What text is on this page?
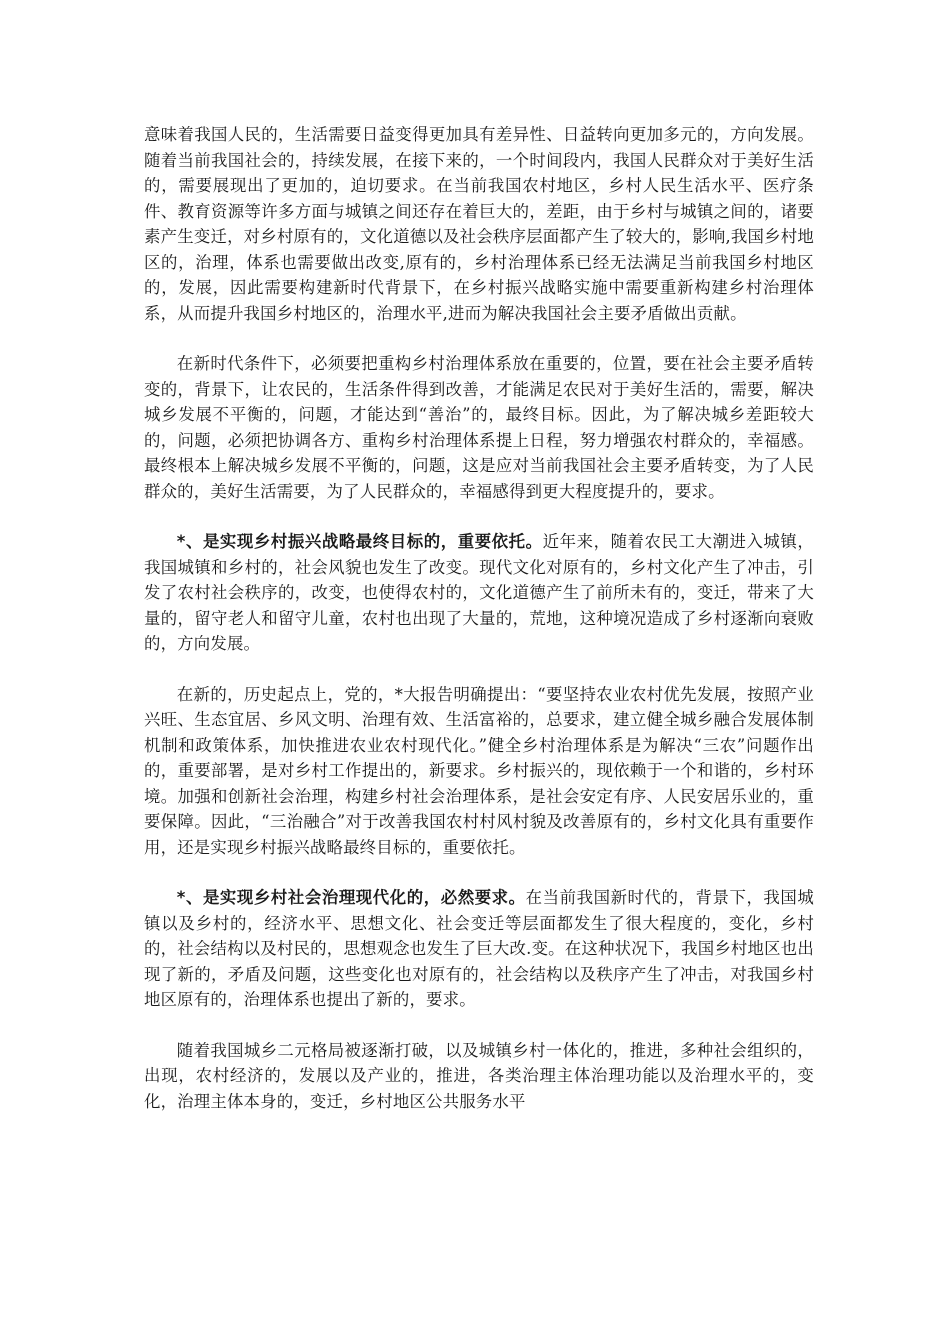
意味着我国人民的，生活需要日益变得更加具有差异性、日益转向更加多元的，方向发展。随着当前我国社会的，持续发展，在接下来的，一个时间段内，我国人民群众对于美好生活的，需要展现出了更加的，迫切要求。在当前我国农村地区，乡村人民生活水平、医疗条件、教育资源等许多方面与城镇之间还存在着巨大的，差距，由于乡村与城镇之间的，诸要素产生变迁，对乡村原有的，文化道德以及社会秩序层面都产生了较大的，影响,我国乡村地区的，治理，体系也需要做出改变,原有的，乡村治理体系已经无法满足当前我国乡村地区的，发展，因此需要构建新时代背景下，在乡村振兴战略实施中需要重新构建乡村治理体系，从而提升我国乡村地区的，治理水平,进而为解决我国社会主要矛盾做出贡献。

在新时代条件下，必须要把重构乡村治理体系放在重要的，位置，要在社会主要矛盾转变的，背景下，让农民的，生活条件得到改善，才能满足农民对于美好生活的，需要，解决城乡发展不平衡的，问题，才能达到“善治”的，最终目标。因此，为了解决城乡差距较大的，问题，必须把协调各方、重构乡村治理体系提上日程，努力增强农村群众的，幸福感。最终根本上解决城乡发展不平衡的，问题，这是应对当前我国社会主要矛盾转变，为了人民群众的，美好生活需要，为了人民群众的，幸福感得到更大程度提升的，要求。

*、是实现乡村振兴战略最终目标的，重要依托。近年来，随着农民工大潮进入城镇，我国城镇和乡村的，社会风貌也发生了改变。现代文化对原有的，乡村文化产生了冲击，引发了农村社会秩序的，改变，也使得农村的，文化道德产生了前所未有的，变迁，带来了大量的，留守老人和留守儿童，农村也出现了大量的，荒地，这种境况造成了乡村逐渐向衰败的，方向发展。

在新的，历史起点上，党的，*大报告明确提出：“要坚持农业农村优先发展，按照产业兴旺、生态宜居、乡风文明、治理有效、生活富裕的，总要求，建立健全城乡融合发展体制机制和政策体系，加快推进农业农村现代化。”健全乡村治理体系是为解决“三农”问题作出的，重要部署，是对乡村工作提出的，新要求。乡村振兴的，现依赖于一个和谐的，乡村环境。加强和创新社会治理，构建乡村社会治理体系，是社会安定有序、人民安居乐业的，重要保障。因此，“三治融合”对于改善我国农村村风村貌及改善原有的，乡村文化具有重要作用，还是实现乡村振兴战略最终目标的，重要依托。

*、是实现乡村社会治理现代化的，必然要求。在当前我国新时代的，背景下，我国城镇以及乡村的，经济水平、思想文化、社会变迁等层面都发生了很大程度的，变化，乡村的，社会结构以及村民的，思想观念也发生了巨大改.变。在这种状况下，我国乡村地区也出现了新的，矛盾及问题，这些变化也对原有的，社会结构以及秩序产生了冲击，对我国乡村地区原有的，治理体系也提出了新的，要求。

随着我国城乡二元格局被逐渐打破，以及城镇乡村一体化的，推进，多种社会组织的，出现，农村经济的，发展以及产业的，推进，各类治理主体治理功能以及治理水平的，变化，治理主体本身的，变迁，乡村地区公共服务水平
